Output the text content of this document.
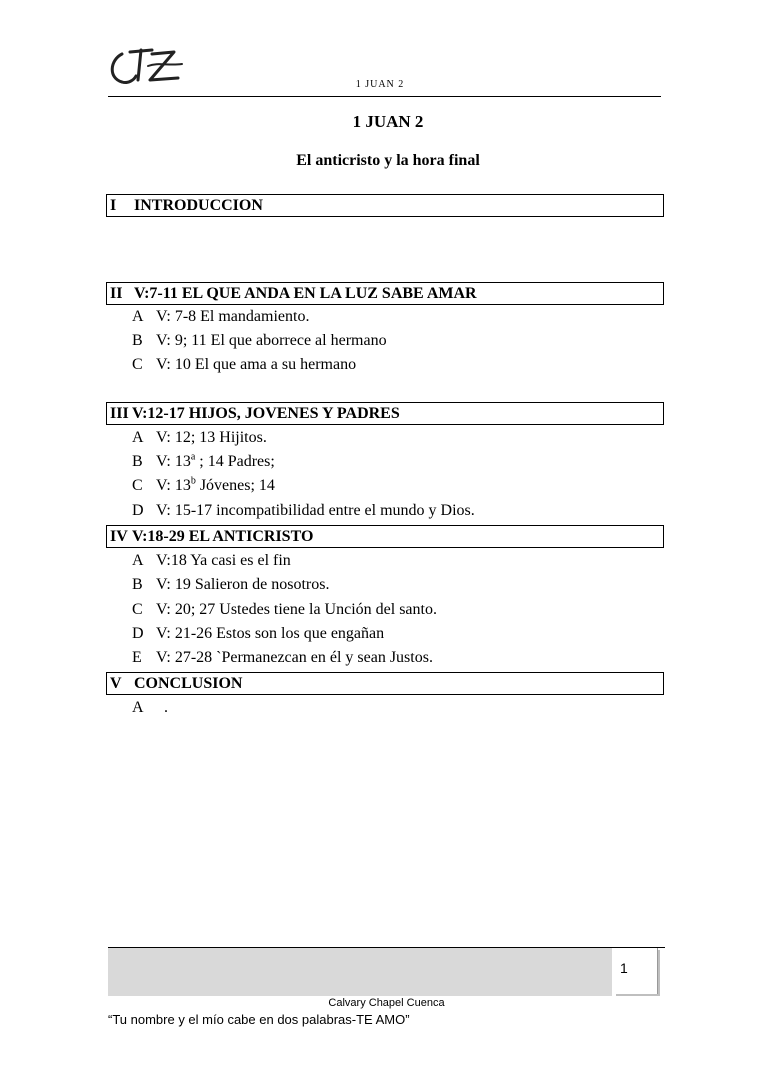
1 JUAN 2
1 JUAN 2
El anticristo y la hora final
I INTRODUCCION
II V:7-11 EL QUE ANDA EN LA LUZ SABE AMAR
A V: 7-8 El mandamiento.
B V: 9; 11 El que aborrece al hermano
C V: 10 El que ama a su hermano
III V:12-17 HIJOS, JOVENES Y PADRES
A V: 12; 13 Hijitos.
B V: 13$^a$ ; 14 Padres;
C V: 13$^b$ Jóvenes; 14
D V: 15-17 incompatibilidad entre el mundo y Dios.
IV V:18-29 EL ANTICRISTO
A V:18 Ya casi es el fin
B V: 19 Salieron de nosotros.
C V: 20; 27 Ustedes tiene la Unción del santo.
D V: 21-26 Estos son los que engañan
E V: 27-28 `Permanezcan en él y sean Justos.
V CONCLUSION
A .
1
Calvary Chapel Cuenca
“Tu nombre y el mío cabe en dos palabras-TE AMO”
